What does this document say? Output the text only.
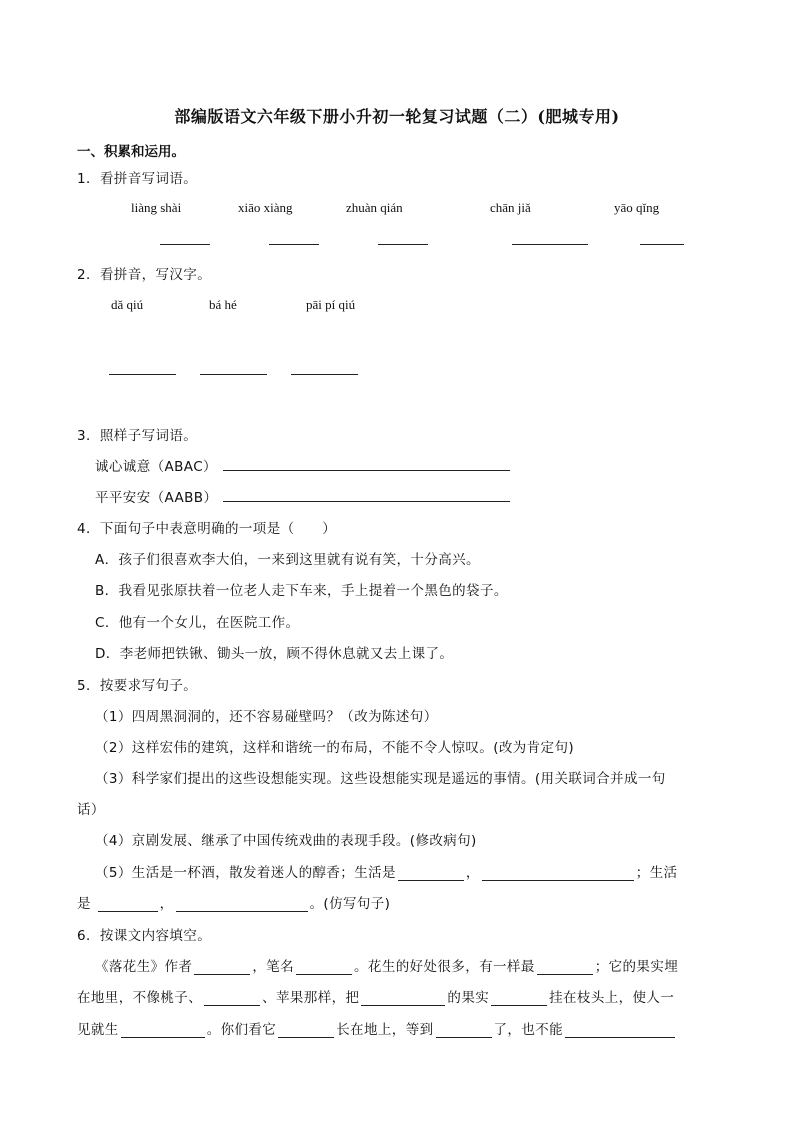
部编版语文六年级下册小升初一轮复习试题（二）(肥城专用)
一、积累和运用。
1．看拼音写词语。
liàng shài	xiāo xiàng	zhuàn qián	chān jiǎ	yāo qǐng
2．看拼音，写汉字。
dǎ qiú	bá hé	pāi pí qiú
3．照样子写词语。
诚心诚意（ABAC）
平平安安（AABB）
4．下面句子中表意明确的一项是（　　）
A．孩子们很喜欢李大伯，一来到这里就有说有笑，十分高兴。
B．我看见张原扶着一位老人走下车来，手上提着一个黑色的袋子。
C．他有一个女儿，在医院工作。
D．李老师把铁锹、锄头一放，顾不得休息就又去上课了。
5．按要求写句子。
（1）四周黑洞洞的，还不容易碰壁吗？（改为陈述句）
（2）这样宏伟的建筑，这样和谐统一的布局，不能不令人惊叹。(改为肯定句)
（3）科学家们提出的这些设想能实现。这些设想能实现是遥远的事情。(用关联词合并成一句
话）
（4）京剧发展、继承了中国传统戏曲的表现手段。(修改病句)
（5）生活是一杯酒，散发着迷人的醇香；生活是	，	；生活
是	，	。(仿写句子)
6．按课文内容填空。
《落花生》作者	，笔名	。花生的好处很多，有一样最	；它的果实埋
在地里，不像桃子、	、苹果那样，把	的果实	挂在枝头上，使人一
见就生	。你们看它	长在地上，等到	了，也不能
